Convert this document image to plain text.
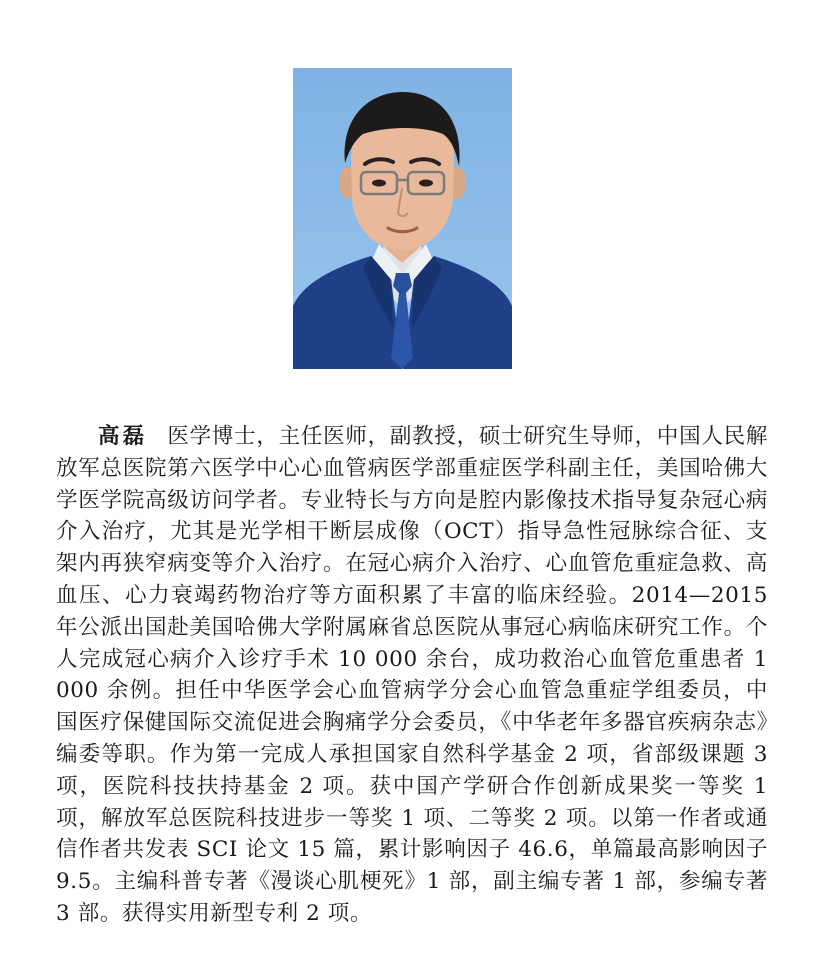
高磊 医学博士，主任医师，副教授，硕士研究生导师，中国人民解放军总医院第六医学中心心血管病医学部重症医学科副主任，美国哈佛大学医学院高级访问学者。专业特长与方向是腔内影像技术指导复杂冠心病介入治疗，尤其是光学相干断层成像（OCT）指导急性冠脉综合征、支架内再狭窄病变等介入治疗。在冠心病介入治疗、心血管危重症急救、高血压、心力衰竭药物治疗等方面积累了丰富的临床经验。2014—2015 年公派出国赴美国哈佛大学附属麻省总医院从事冠心病临床研究工作。个人完成冠心病介入诊疗手术 10 000 余台，成功救治心血管危重患者 1 000 余例。担任中华医学会心血管病学分会心血管急重症学组委员，中国医疗保健国际交流促进会胸痛学分会委员，《中华老年多器官疾病杂志》编委等职。作为第一完成人承担国家自然科学基金 2 项，省部级课题 3 项，医院科技扶持基金 2 项。获中国产学研合作创新成果奖一等奖 1 项，解放军总医院科技进步一等奖 1 项、二等奖 2 项。以第一作者或通信作者共发表 SCI 论文 15 篇，累计影响因子 46.6，单篇最高影响因子 9.5。主编科普专著《漫谈心肌梗死》1 部，副主编专著 1 部，参编专著 3 部。获得实用新型专利 2 项。
